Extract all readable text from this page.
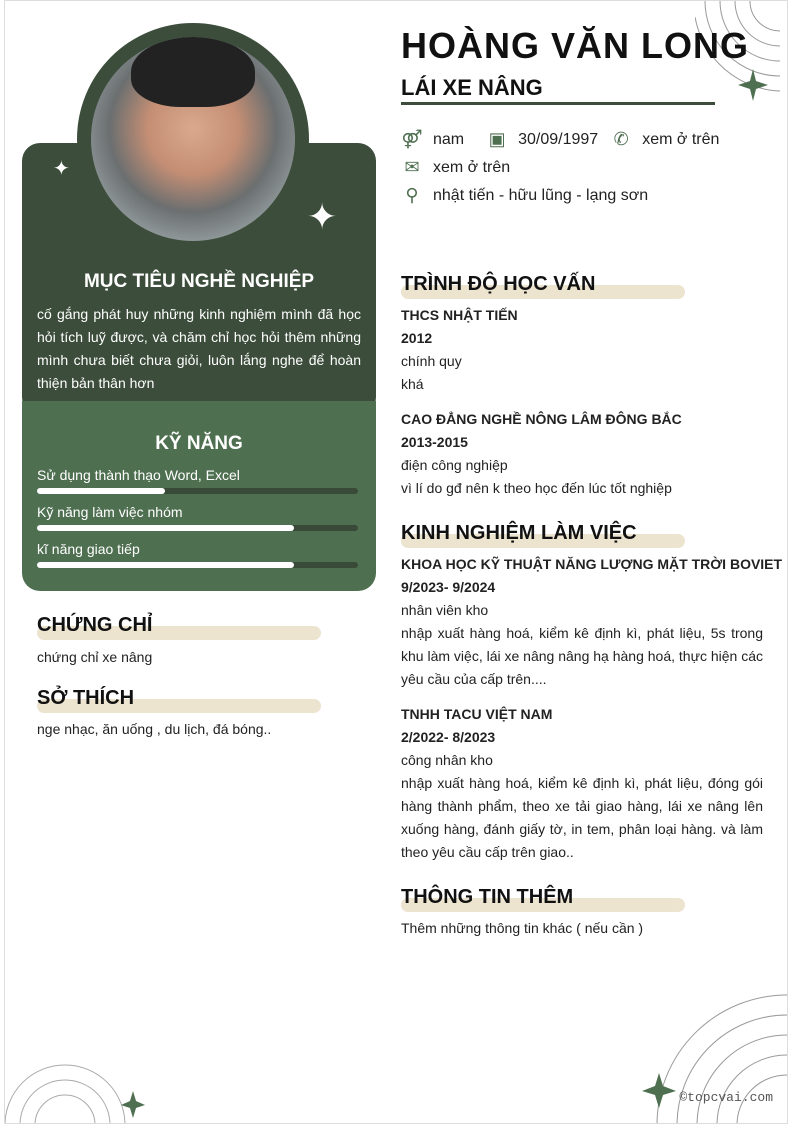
✦
✦
MỤC TIÊU NGHỀ NGHIỆP
cố gắng phát huy những kinh nghiệm mình đã học hỏi tích luỹ được, và chăm chỉ học hỏi thêm những mình chưa biết chưa giỏi, luôn lắng nghe để hoàn thiện bản thân hơn
KỸ NĂNG
Sử dụng thành thạo Word, Excel
Kỹ năng làm việc nhóm
kĩ năng giao tiếp
CHỨNG CHỈ
chứng chỉ xe nâng
SỞ THÍCH
nge nhạc, ăn uống , du lịch, đá bóng..
HOÀNG VĂN LONG
LÁI XE NÂNG
⚤ nam ▣ 30/09/1997 ✆ xem ở trên
✉ xem ở trên
⚲ nhật tiến - hữu lũng - lạng sơn
TRÌNH ĐỘ HỌC VẤN
THCS NHẬT TIẾN
2012
chính quy
khá
CAO ĐẲNG NGHỀ NÔNG LÂM ĐÔNG BẮC
2013-2015
điện công nghiệp
vì lí do gđ nên k theo học đến lúc tốt nghiệp
KINH NGHIỆM LÀM VIỆC
KHOA HỌC KỸ THUẬT NĂNG LƯỢNG MẶT TRỜI BOVIET
9/2023- 9/2024
nhân viên kho
nhập xuất hàng hoá, kiểm kê định kì, phát liệu, 5s trong khu làm việc, lái xe nâng nâng hạ hàng hoá, thực hiện các yêu cầu của cấp trên....
TNHH TACU VIỆT NAM
2/2022- 8/2023
công nhân kho
nhập xuất hàng hoá, kiểm kê định kì, phát liệu, đóng gói hàng thành phẩm, theo xe tải giao hàng, lái xe nâng lên xuống hàng, đánh giấy tờ, in tem, phân loại hàng. và làm theo yêu cầu cấp trên giao..
THÔNG TIN THÊM
Thêm những thông tin khác ( nếu cần )
©topcvai.com
